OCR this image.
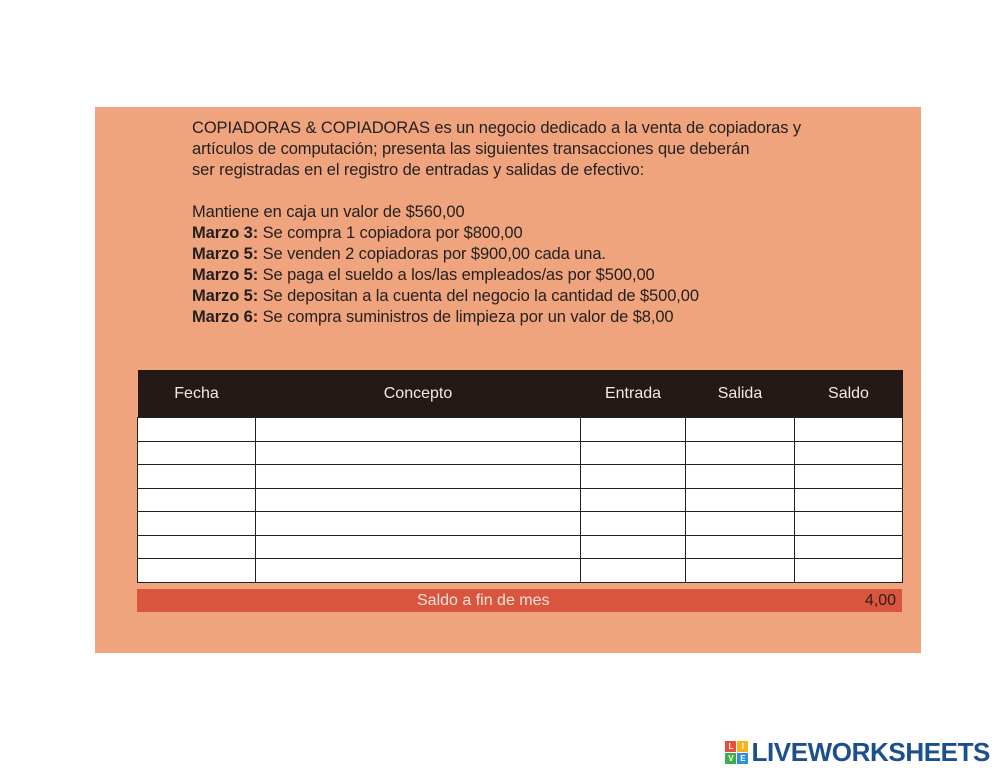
COPIADORAS & COPIADORAS es un negocio dedicado a la venta de copiadoras y

artículos de computación; presenta las siguientes transacciones que deberán

ser registradas en el registro de entradas y salidas de efectivo:

Mantiene en caja un valor de $560,00

Marzo 3: Se compra 1 copiadora por $800,00

Marzo 5: Se venden 2 copiadoras por $900,00 cada una.

Marzo 5: Se paga el sueldo a los/las empleados/as por $500,00

Marzo 5: Se depositan a la cuenta del negocio la cantidad de $500,00

Marzo 6: Se compra suministros de limpieza por un valor de $8,00

Fecha	Concepto	Entrada	Salida	Saldo

Saldo a fin de mes	4,00
L	I
V E LIVEWORKSHEETS
